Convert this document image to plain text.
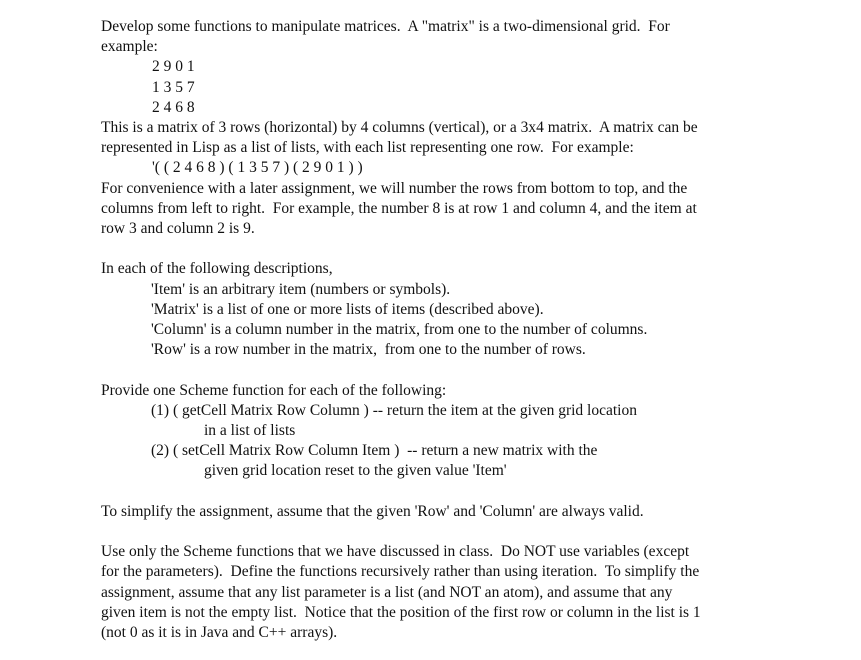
Develop some functions to manipulate matrices.  A "matrix" is a two-dimensional grid.  For

example:

2 9 0 1

1 3 5 7

2 4 6 8

This is a matrix of 3 rows (horizontal) by 4 columns (vertical), or a 3x4 matrix.  A matrix can be

represented in Lisp as a list of lists, with each list representing one row.  For example:

'( ( 2 4 6 8 ) ( 1 3 5 7 ) ( 2 9 0 1 ) )

For convenience with a later assignment, we will number the rows from bottom to top, and the

columns from left to right.  For example, the number 8 is at row 1 and column 4, and the item at

row 3 and column 2 is 9.

In each of the following descriptions,

'Item' is an arbitrary item (numbers or symbols).

'Matrix' is a list of one or more lists of items (described above).

'Column' is a column number in the matrix, from one to the number of columns.

'Row' is a row number in the matrix,  from one to the number of rows.

Provide one Scheme function for each of the following:

(1) ( getCell Matrix Row Column ) -- return the item at the given grid location

in a list of lists

(2) ( setCell Matrix Row Column Item )  -- return a new matrix with the

given grid location reset to the given value 'Item'

To simplify the assignment, assume that the given 'Row' and 'Column' are always valid.

Use only the Scheme functions that we have discussed in class.  Do NOT use variables (except

for the parameters).  Define the functions recursively rather than using iteration.  To simplify the

assignment, assume that any list parameter is a list (and NOT an atom), and assume that any

given item is not the empty list.  Notice that the position of the first row or column in the list is 1

(not 0 as it is in Java and C++ arrays).
